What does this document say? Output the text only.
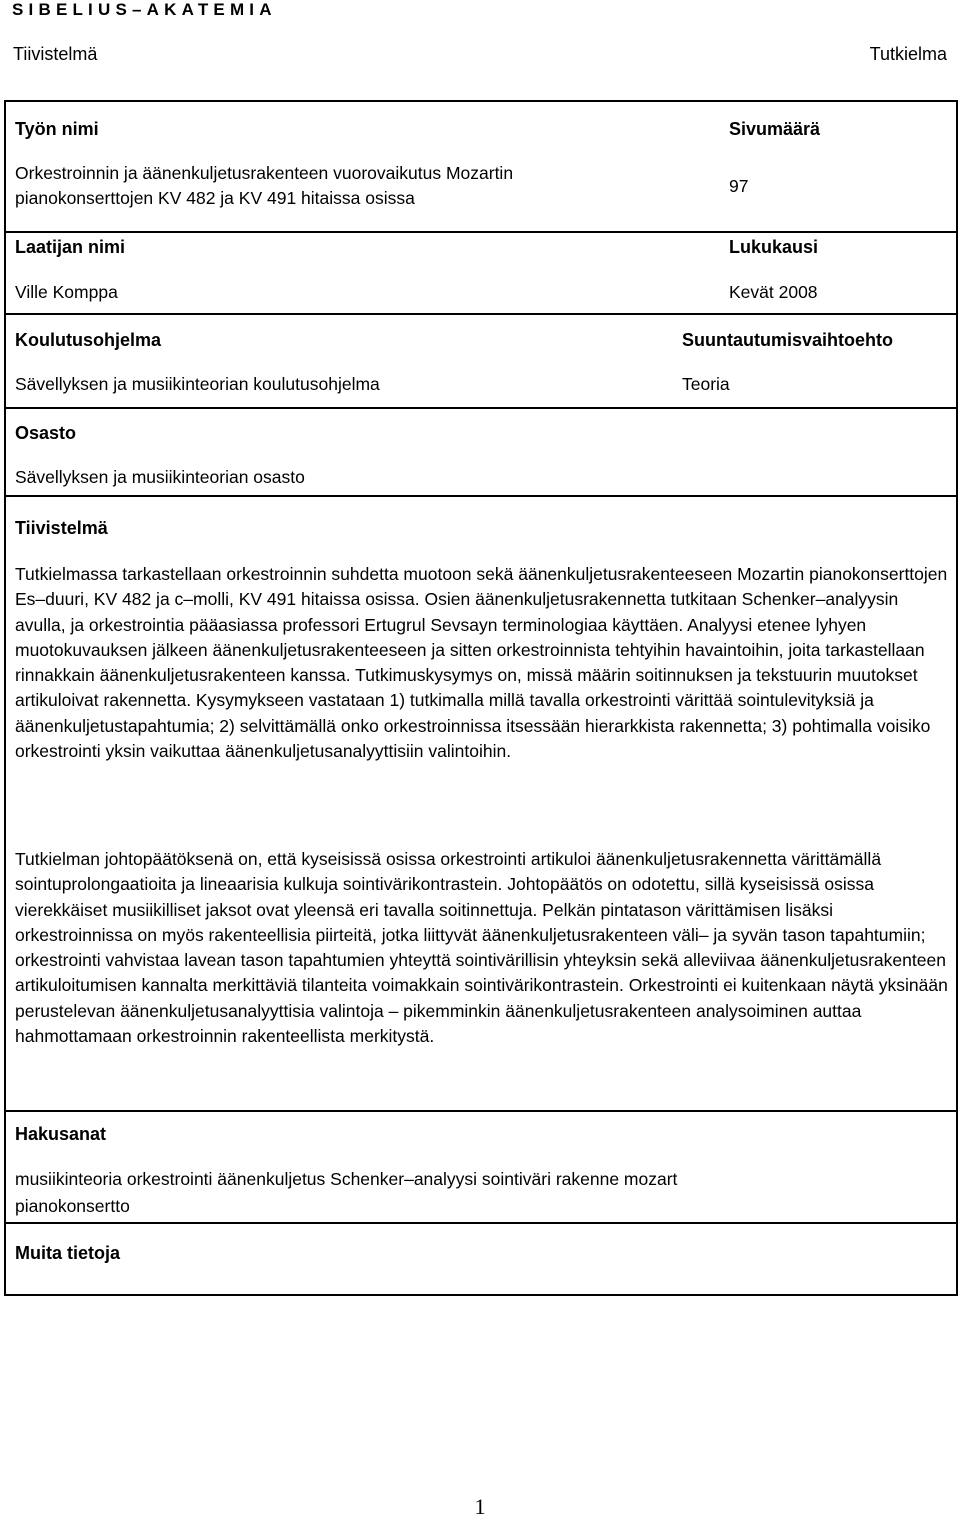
SIBELIUS–AKATEMIA
Tiivistelmä	Tutkielma
Työn nimi
Orkestroinnin ja äänenkuljetusrakenteen vuorovaikutus Mozartin
pianokonserttojen KV 482 ja KV 491 hitaissa osissa
Sivumäärä
97
Laatijan nimi
Ville Komppa
Lukukausi
Kevät 2008
Koulutusohjelma
Sävellyksen ja musiikinteorian koulutusohjelma
Suuntautumisvaihtoehto
Teoria
Osasto
Sävellyksen ja musiikinteorian osasto
Tiivistelmä

Tutkielmassa tarkastellaan orkestroinnin suhdetta muotoon sekä äänenkuljetusrakenteeseen Mozartin pianokonserttojen Es–duuri, KV 482 ja c–molli, KV 491 hitaissa osissa. Osien äänenkuljetusrakennetta tutkitaan Schenker–analyysin avulla, ja orkestrointia pääasiassa professori Ertugrul Sevsayn terminologiaa käyttäen. Analyysi etenee lyhyen muotokuvauksen jälkeen äänenkuljetusrakenteeseen ja sitten orkestroinnista tehtyihin havaintoihin, joita tarkastellaan rinnakkain äänenkuljetusrakenteen kanssa. Tutkimuskysymys on, missä määrin soitinnuksen ja tekstuurin muutokset artikuloivat rakennetta. Kysymykseen vastataan 1) tutkimalla millä tavalla orkestrointi värittää sointulevityksiä ja äänenkuljetustapahtumia; 2) selvittämällä onko orkestroinnissa itsessään hierarkkista rakennetta; 3) pohtimalla voisiko orkestrointi yksin vaikuttaa äänenkuljetusanalyyttisiin valintoihin.

Tutkielman johtopäätöksenä on, että kyseisissä osissa orkestrointi artikuloi äänenkuljetusrakennetta värittämällä sointuprolongaatioita ja lineaarisia kulkuja sointivärikontrastein. Johtopäätös on odotettu, sillä kyseisissä osissa vierekkäiset musiikilliset jaksot ovat yleensä eri tavalla soitinnettuja. Pelkän pintatason värittämisen lisäksi orkestroinnissa on myös rakenteellisia piirteitä, jotka liittyvät äänenkuljetusrakenteen väli– ja syvän tason tapahtumiin; orkestrointi vahvistaa lavean tason tapahtumien yhteyttä sointivärillisin yhteyksin sekä alleviivaa äänenkuljetusrakenteen artikuloitumisen kannalta merkittäviä tilanteita voimakkain sointivärikontrastein. Orkestrointi ei kuitenkaan näytä yksinään perustelevan äänenkuljetusanalyyttisia valintoja – pikemminkin äänenkuljetusrakenteen analysoiminen auttaa hahmottamaan orkestroinnin rakenteellista merkitystä.

Hakusanat
musiikinteoria orkestrointi äänenkuljetus Schenker–analyysi sointiväri rakenne mozart
pianokonsertto
Muita tietoja
1
